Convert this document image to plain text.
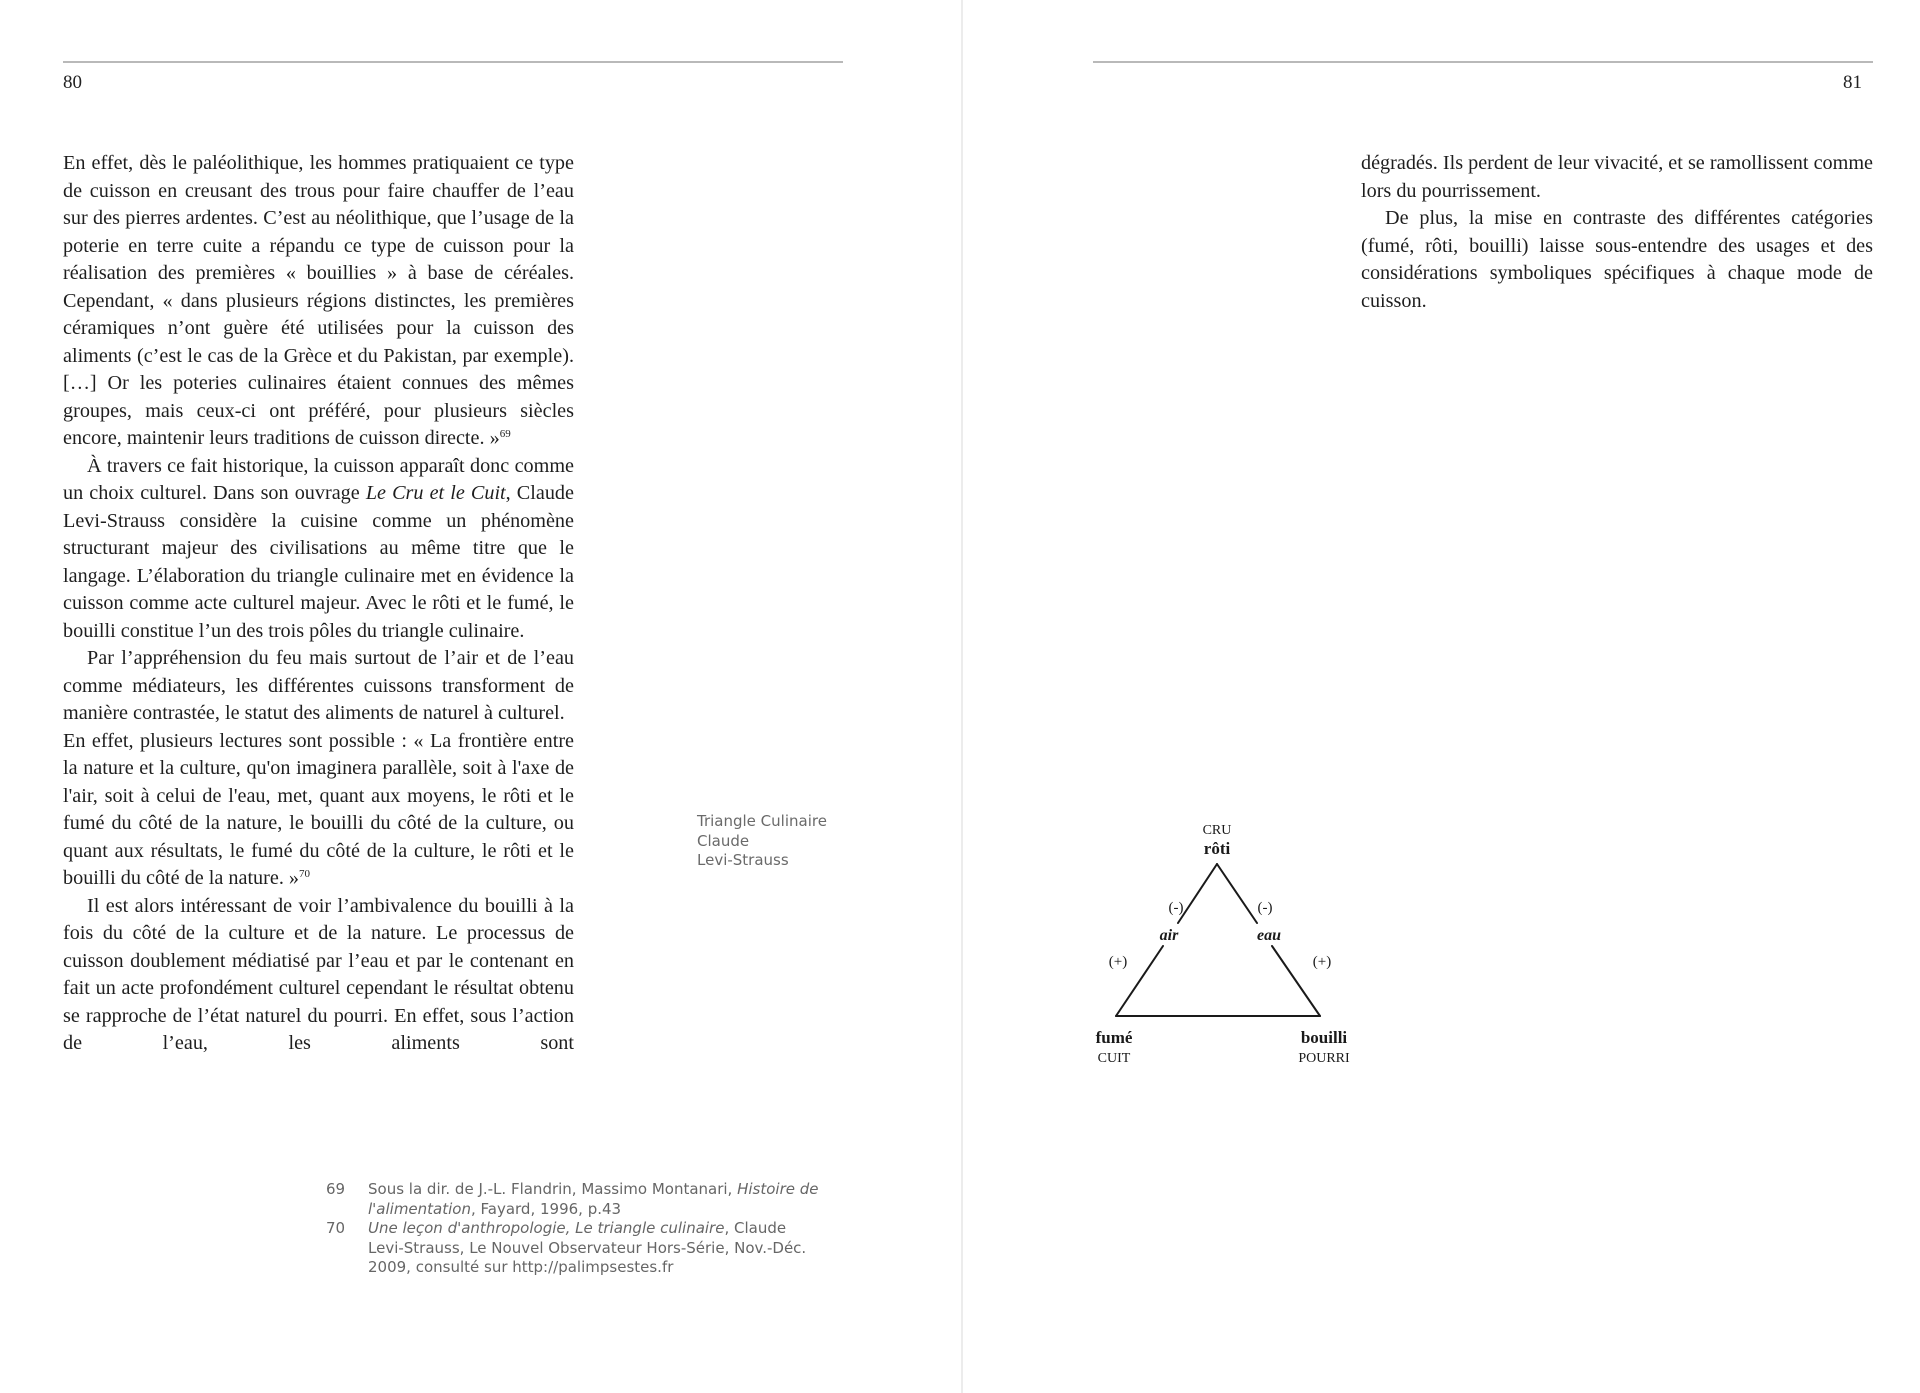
80

En effet, dès le paléolithique, les hommes pratiquaient ce type de cuisson en creusant des trous pour faire chauffer de l’eau sur des pierres ardentes. C’est au néolithique, que l’usage de la poterie en terre cuite a répandu ce type de cuisson pour la réalisation des premières « bouillies » à base de céréales. Cependant, « dans plusieurs régions distinctes, les premières céramiques n’ont guère été utilisées pour la cuisson des aliments (c’est le cas de la Grèce et du Pakistan, par exemple). […] Or les poteries culinaires étaient connues des mêmes groupes, mais ceux-ci ont préféré, pour plusieurs siècles encore, maintenir leurs traditions de cuisson directe. »$^{69}$

À travers ce fait historique, la cuisson apparaît donc comme un choix culturel. Dans son ouvrage Le Cru et le Cuit, Claude Levi-Strauss considère la cuisine comme un phénomène structurant majeur des civilisations au même titre que le langage. L’élaboration du triangle culinaire met en évidence la cuisson comme acte culturel majeur. Avec le rôti et le fumé, le bouilli constitue l’un des trois pôles du triangle culinaire.

Par l’appréhension du feu mais surtout de l’air et de l’eau comme médiateurs, les différentes cuissons transforment de manière contrastée, le statut des aliments de naturel à culturel.

En effet, plusieurs lectures sont possible : « La frontière entre la nature et la culture, qu'on imaginera parallèle, soit à l'axe de l'air, soit à celui de l'eau, met, quant aux moyens, le rôti et le fumé du côté de la nature, le bouilli du côté de la culture, ou quant aux résultats, le fumé du côté de la culture, le rôti et le bouilli du côté de la nature. »$^{70}$

Il est alors intéressant de voir l’ambivalence du bouilli à la fois du côté de la culture et de la nature. Le processus de cuisson doublement médiatisé par l’eau et par le contenant en fait un acte profondément culturel cependant le résultat obtenu se rapproche de l’état naturel du pourri. En effet, sous l’action de l’eau, les aliments sont

Triangle Culinaire
Claude
Levi-Strauss
69	Sous la dir. de J.-L. Flandrin, Massimo Montanari, Histoire de l'alimentation, Fayard, 1996, p.43
70	Une leçon d'anthropologie, Le triangle culinaire, Claude Levi-Strauss, Le Nouvel Observateur Hors-Série, Nov.-Déc. 2009, consulté sur http://palimpsestes.fr
81

dégradés. Ils perdent de leur vivacité, et se ramollissent comme lors du pourrissement.

De plus, la mise en contraste des différentes catégories (fumé, rôti, bouilli) laisse sous-entendre des usages et des considérations symboliques spécifiques à chaque mode de cuisson.

CRU
rôti
(-)	(-)
air	eau
(+)	(+)
fumé
CUIT
bouilli
POURRI
